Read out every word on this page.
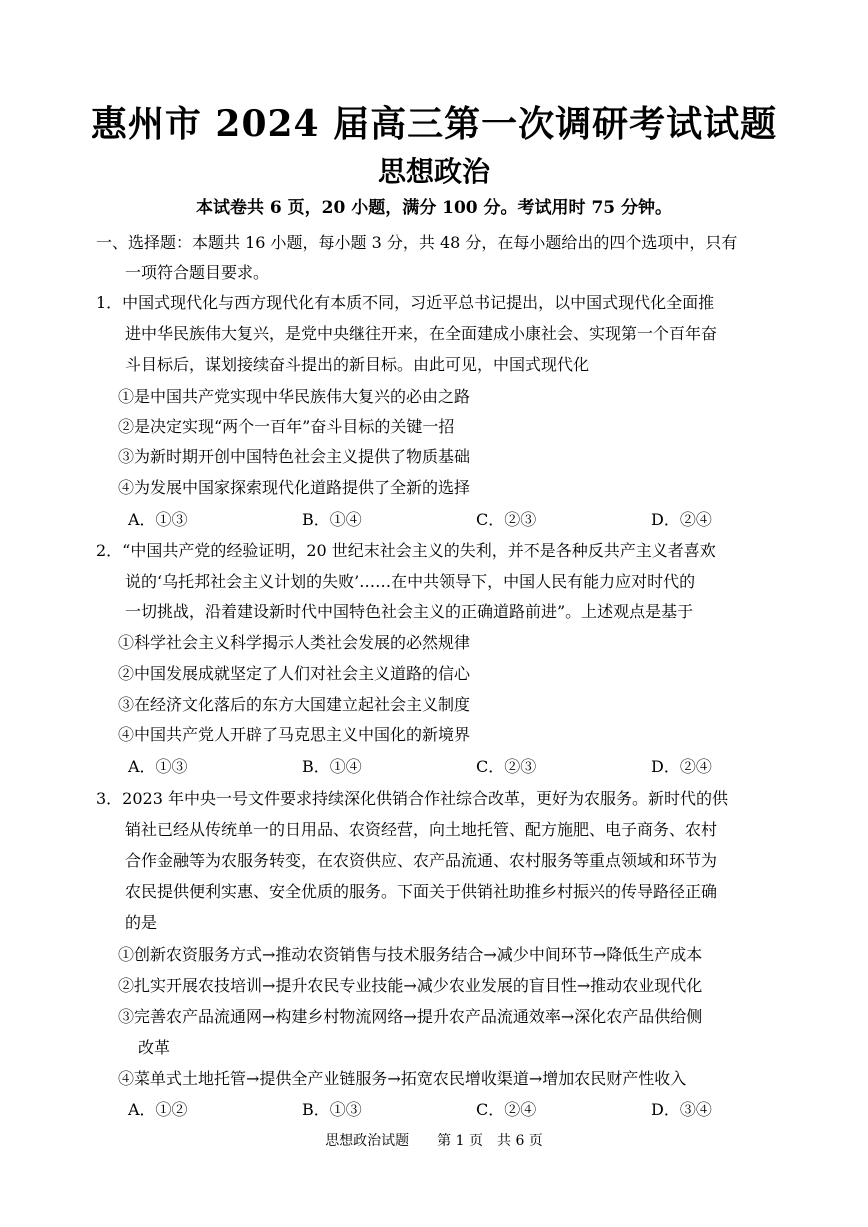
惠州市 2024 届高三第一次调研考试试题
思想政治
本试卷共 6 页，20 小题，满分 100 分。考试用时 75 分钟。
一、选择题：本题共 16 小题，每小题 3 分，共 48 分，在每小题给出的四个选项中，只有
一项符合题目要求。
1．中国式现代化与西方现代化有本质不同，习近平总书记提出，以中国式现代化全面推
进中华民族伟大复兴，是党中央继往开来，在全面建成小康社会、实现第一个百年奋
斗目标后，谋划接续奋斗提出的新目标。由此可见，中国式现代化
①是中国共产党实现中华民族伟大复兴的必由之路
②是决定实现“两个一百年”奋斗目标的关键一招
③为新时期开创中国特色社会主义提供了物质基础
④为发展中国家探索现代化道路提供了全新的选择
A．①③	B．①④	C．②③	D．②④
2．“中国共产党的经验证明，20 世纪末社会主义的失利，并不是各种反共产主义者喜欢
说的‘乌托邦社会主义计划的失败’……在中共领导下，中国人民有能力应对时代的
一切挑战，沿着建设新时代中国特色社会主义的正确道路前进”。上述观点是基于
①科学社会主义科学揭示人类社会发展的必然规律
②中国发展成就坚定了人们对社会主义道路的信心
③在经济文化落后的东方大国建立起社会主义制度
④中国共产党人开辟了马克思主义中国化的新境界
A．①③	B．①④	C．②③	D．②④
3．2023 年中央一号文件要求持续深化供销合作社综合改革，更好为农服务。新时代的供
销社已经从传统单一的日用品、农资经营，向土地托管、配方施肥、电子商务、农村
合作金融等为农服务转变，在农资供应、农产品流通、农村服务等重点领域和环节为
农民提供便利实惠、安全优质的服务。下面关于供销社助推乡村振兴的传导路径正确
的是
①创新农资服务方式→推动农资销售与技术服务结合→减少中间环节→降低生产成本
②扎实开展农技培训→提升农民专业技能→减少农业发展的盲目性→推动农业现代化
③完善农产品流通网→构建乡村物流网络→提升农产品流通效率→深化农产品供给侧
改革
④菜单式土地托管→提供全产业链服务→拓宽农民增收渠道→增加农民财产性收入
A．①②	B．①③	C．②④	D．③④
思想政治试题　　第 1 页　共 6 页
